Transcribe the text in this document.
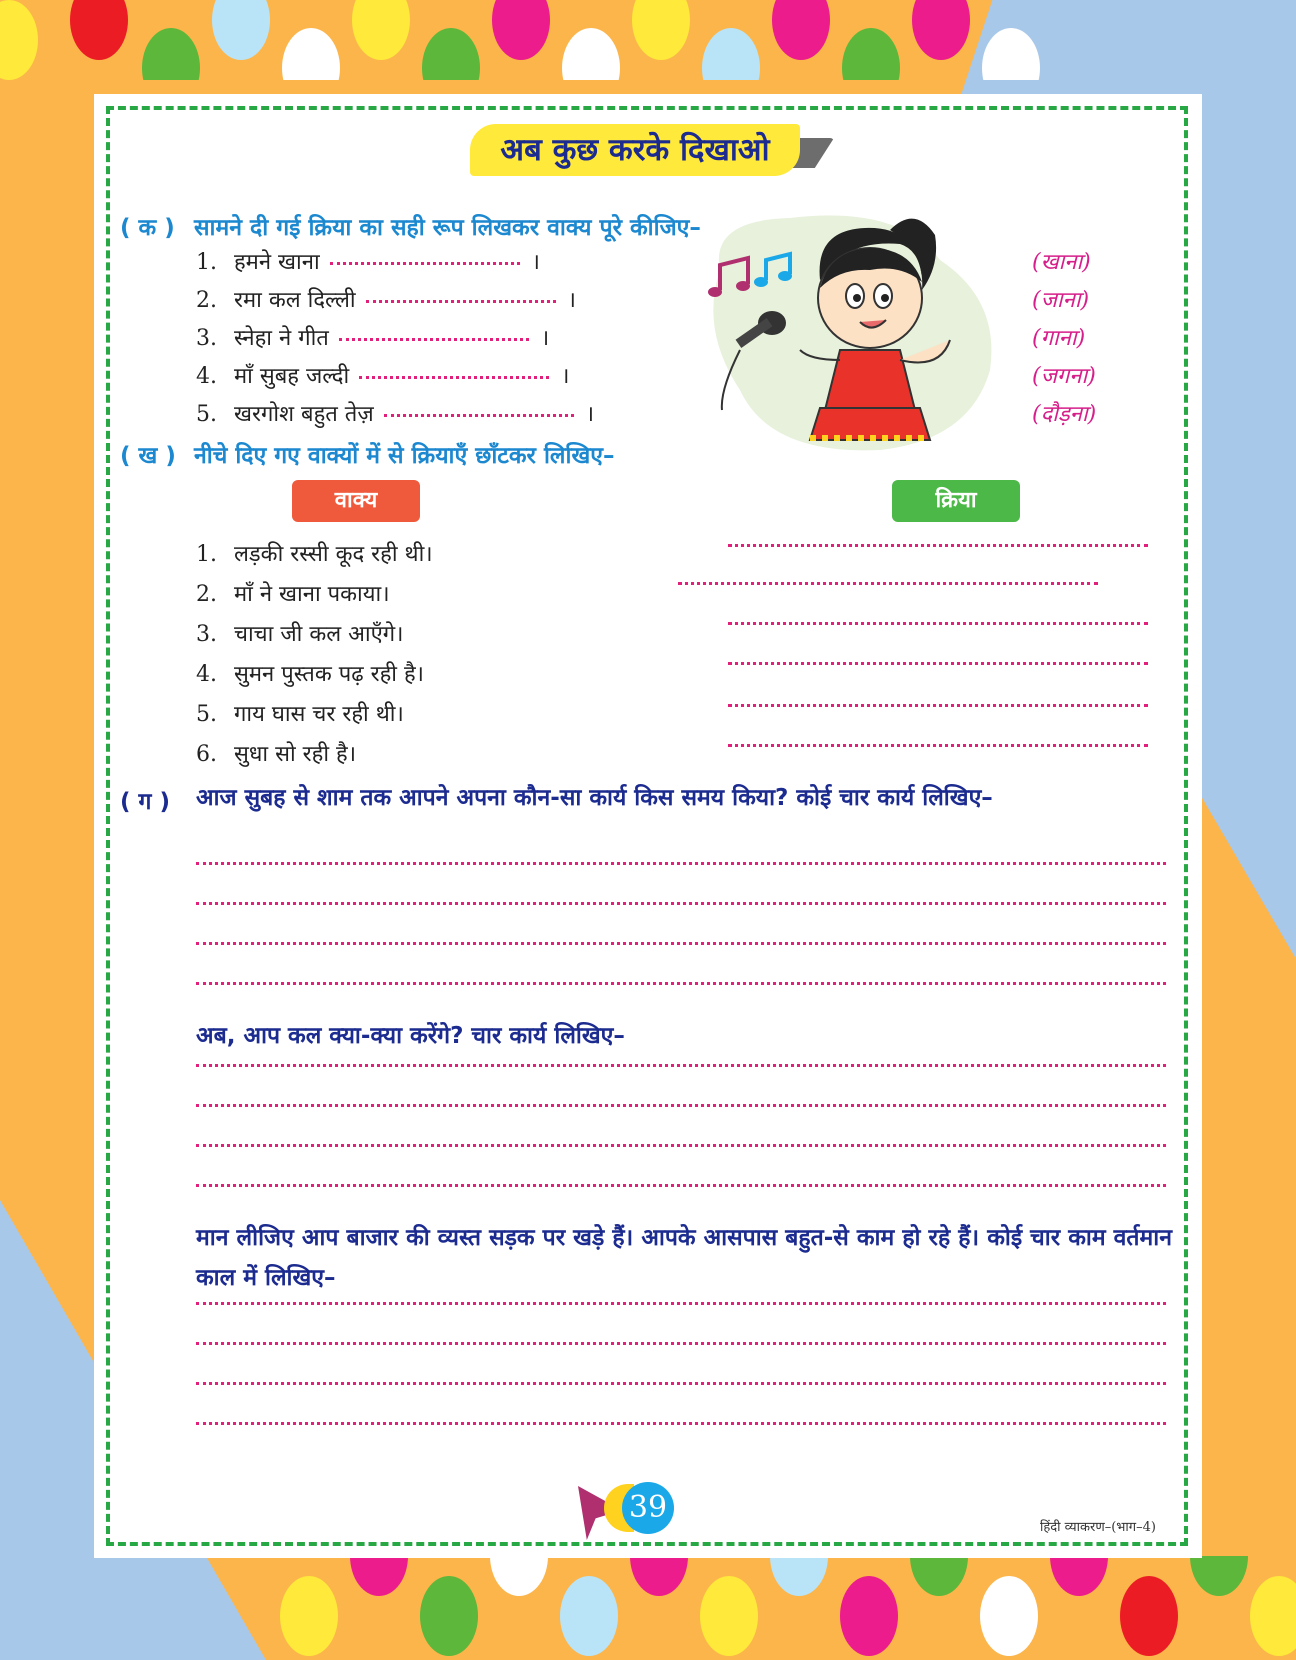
अब कुछ करके दिखाओ
( क ) सामने दी गई क्रिया का सही रूप लिखकर वाक्य पूरे कीजिए–
1. हमने खाना	।
2. रमा कल दिल्ली	।
3. स्नेहा ने गीत	।
4. माँ सुबह जल्दी	।
5. खरगोश बहुत तेज़	।
(खाना)
(जाना)
(गाना)
(जगना)
(दौड़ना)
( ख ) नीचे दिए गए वाक्यों में से क्रियाएँ छाँटकर लिखिए–
वाक्य	क्रिया
1. लड़की रस्सी कूद रही थी।
2. माँ ने खाना पकाया।
3. चाचा जी कल आएँगे।
4. सुमन पुस्तक पढ़ रही है।
5. गाय घास चर रही थी।
6. सुधा सो रही है।
( ग )	आज सुबह से शाम तक आपने अपना कौन-सा कार्य किस समय किया? कोई चार कार्य लिखिए–
अब, आप कल क्या-क्या करेंगे? चार कार्य लिखिए–
मान लीजिए आप बाजार की व्यस्त सड़क पर खड़े हैं। आपके आसपास बहुत-से काम हो रहे हैं। कोई चार काम वर्तमान काल में लिखिए–
39
हिंदी व्याकरण–(भाग–4)
